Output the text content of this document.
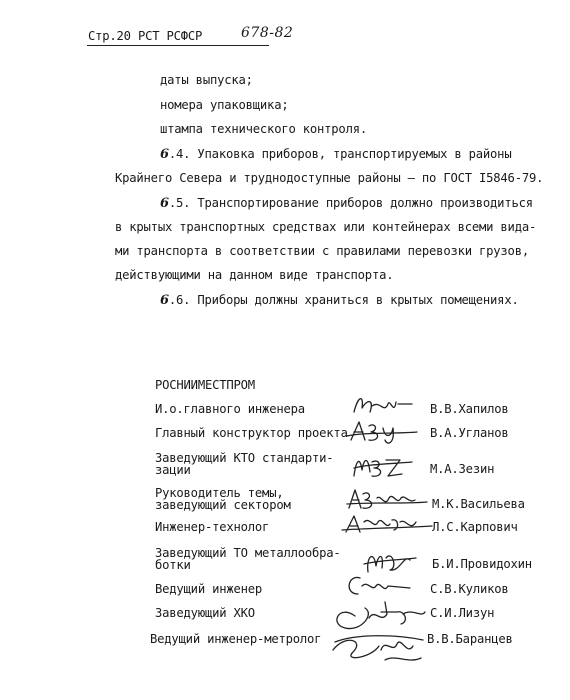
Стр.20 РСТ РСФСР	678-82
даты выпуска;
номера упаковщика;
штампа технического контроля.
6.4. Упаковка приборов, транспортируемых в районы
Крайнего Севера и труднодоступные районы – по ГОСТ I5846-79.
6.5. Транспортирование приборов должно производиться
в крытых транспортных средствах или контейнерах всеми вида-
ми транспорта в соответствии с правилами перевозки грузов,
действующими на данном виде транспорта.
6.6. Приборы должны храниться в крытых помещениях.
РОСНИИМЕСТПРОМ
И.о.главного инженера	В.В.Хапилов
Главный конструктор проекта	В.А.Угланов
Заведующий КТО стандарти-
зации	М.А.Зезин
Руководитель темы,
заведующий сектором	М.К.Васильева
Инженер-технолог	Л.С.Карпович
Заведующий ТО металлообра-
ботки	Б.И.Провидохин
Ведущий инженер	С.В.Куликов
Заведующий ХКО	С.И.Лизун
Ведущий инженер-метролог	В.В.Баранцев
